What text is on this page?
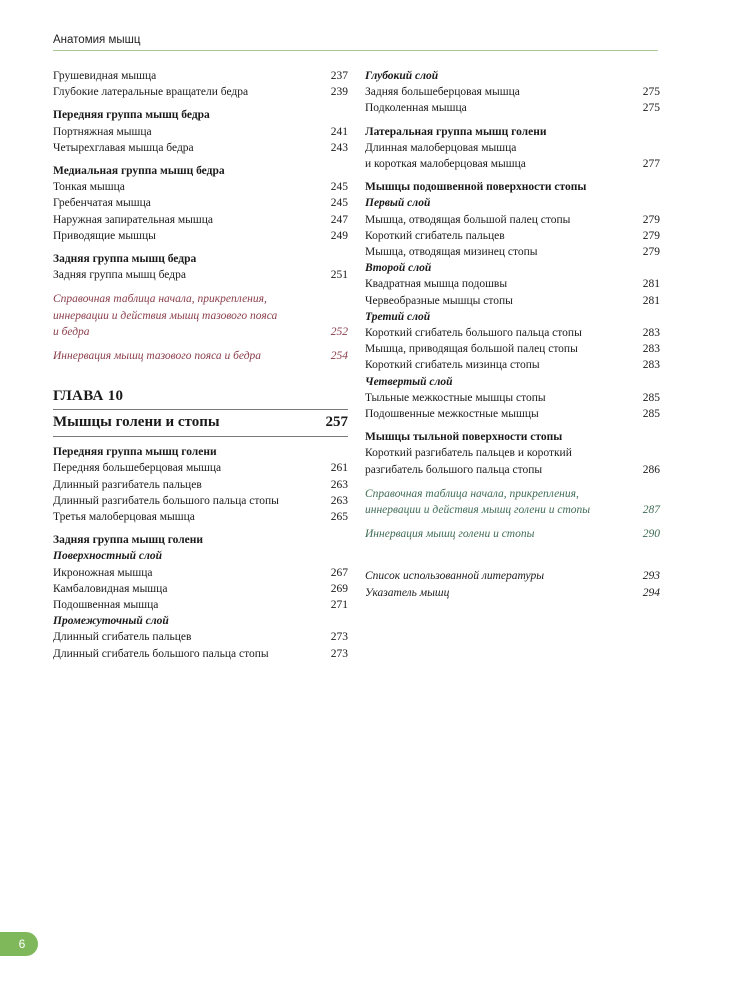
Анатомия мышц
Грушевидная мышца	237
Глубокие латеральные вращатели бедра	239
Передняя группа мышц бедра
Портняжная мышца	241
Четырехглавая мышца бедра	243
Медиальная группа мышц бедра
Тонкая мышца	245
Гребенчатая мышца	245
Наружная запирательная мышца	247
Приводящие мышцы	249
Задняя группа мышц бедра
Задняя группа мышц бедра	251
Справочная таблица начала, прикрепления,
иннервации и действия мышц тазового пояса
и бедра	252
Иннервация мышц тазового пояса и бедра	254
ГЛАВА 10
Мышцы голени и стопы	257
Передняя группа мышц голени
Передняя большеберцовая мышца	261
Длинный разгибатель пальцев	263
Длинный разгибатель большого пальца стопы	263
Третья малоберцовая мышца	265
Задняя группа мышц голени
Поверхностный слой
Икроножная мышца	267
Камбаловидная мышца	269
Подошвенная мышца	271
Промежуточный слой
Длинный сгибатель пальцев	273
Длинный сгибатель большого пальца стопы	273
Глубокий слой
Задняя большеберцовая мышца	275
Подколенная мышца	275
Латеральная группа мышц голени
Длинная малоберцовая мышца
и короткая малоберцовая мышца	277
Мышцы подошвенной поверхности стопы
Первый слой
Мышца, отводящая большой палец стопы	279
Короткий сгибатель пальцев	279
Мышца, отводящая мизинец стопы	279
Второй слой
Квадратная мышца подошвы	281
Червеобразные мышцы стопы	281
Третий слой
Короткий сгибатель большого пальца стопы	283
Мышца, приводящая большой палец стопы	283
Короткий сгибатель мизинца стопы	283
Четвертый слой
Тыльные межкостные мышцы стопы	285
Подошвенные межкостные мышцы	285
Мышцы тыльной поверхности стопы
Короткий разгибатель пальцев и короткий
разгибатель большого пальца стопы	286
Справочная таблица начала, прикрепления,
иннервации и действия мышц голени и стопы	287
Иннервация мышц голени и стопы	290
Список использованной литературы	293
Указатель мышц	294
6
